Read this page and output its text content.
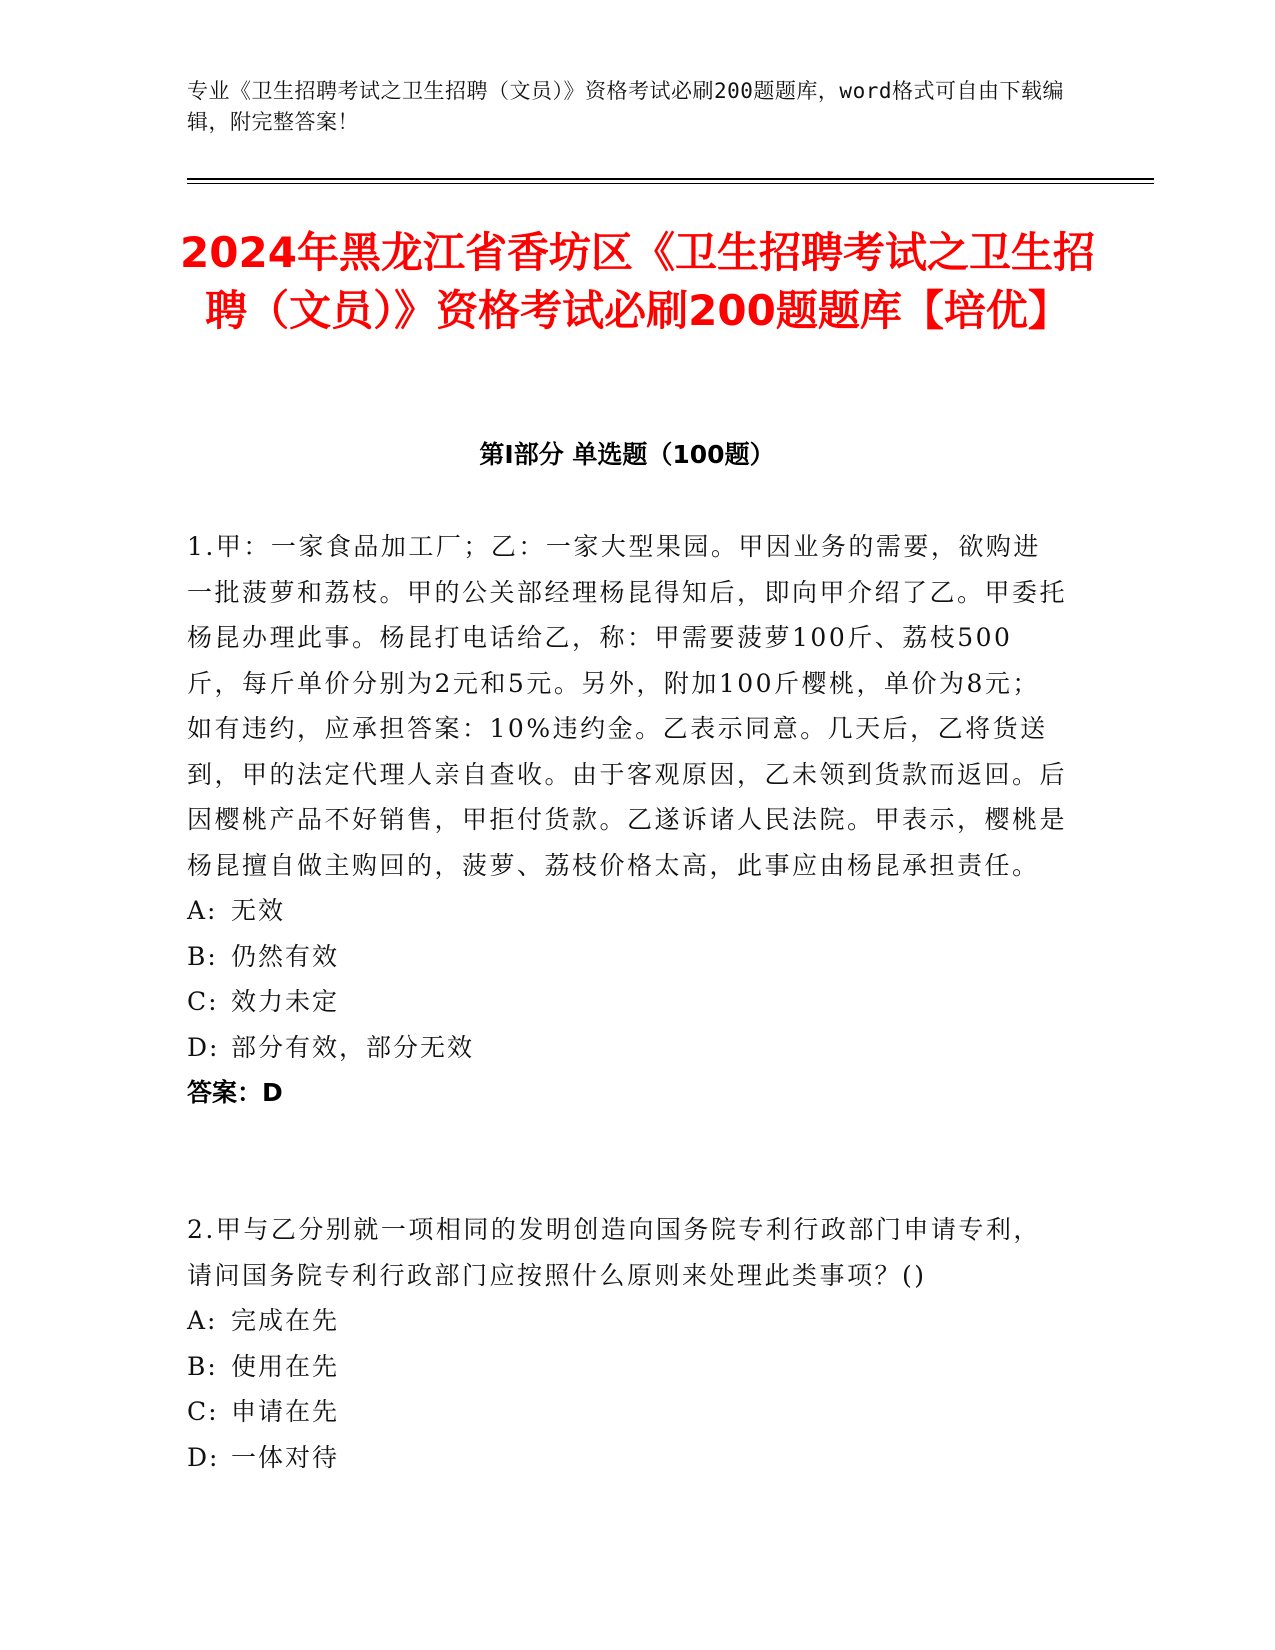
专业《卫生招聘考试之卫生招聘（文员）》资格考试必刷200题题库，word格式可自由下载编辑，附完整答案！
2024年黑龙江省香坊区《卫生招聘考试之卫生招聘（文员）》资格考试必刷200题题库【培优】
第I部分 单选题（100题）

1.甲：一家食品加工厂；乙：一家大型果园。甲因业务的需要，欲购进一批菠萝和荔枝。甲的公关部经理杨昆得知后，即向甲介绍了乙。甲委托杨昆办理此事。杨昆打电话给乙，称：甲需要菠萝100斤、荔枝500斤，每斤单价分别为2元和5元。另外，附加100斤樱桃，单价为8元；如有违约，应承担答案：10%违约金。乙表示同意。几天后，乙将货送到，甲的法定代理人亲自查收。由于客观原因，乙未领到货款而返回。后因樱桃产品不好销售，甲拒付货款。乙遂诉诸人民法院。甲表示，樱桃是杨昆擅自做主购回的，菠萝、荔枝价格太高，此事应由杨昆承担责任。

A: 无效
B: 仍然有效
C: 效力未定
D: 部分有效，部分无效
答案：D

2.甲与乙分别就一项相同的发明创造向国务院专利行政部门申请专利，请问国务院专利行政部门应按照什么原则来处理此类事项？()

A: 完成在先
B: 使用在先
C: 申请在先
D: 一体对待
